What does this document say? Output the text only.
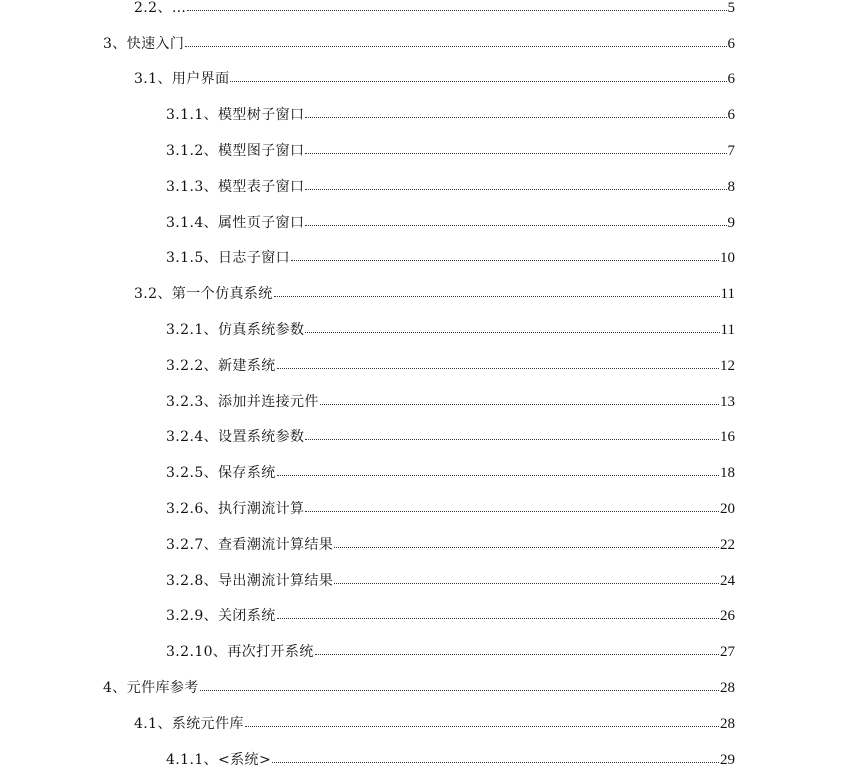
2.2、…	5
3、快速入门	6
3.1、用户界面	6
3.1.1、模型树子窗口	6
3.1.2、模型图子窗口	7
3.1.3、模型表子窗口	8
3.1.4、属性页子窗口	9
3.1.5、日志子窗口	10
3.2、第一个仿真系统	11
3.2.1、仿真系统参数	11
3.2.2、新建系统	12
3.2.3、添加并连接元件	13
3.2.4、设置系统参数	16
3.2.5、保存系统	18
3.2.6、执行潮流计算	20
3.2.7、查看潮流计算结果	22
3.2.8、导出潮流计算结果	24
3.2.9、关闭系统	26
3.2.10、再次打开系统	27
4、元件库参考	28
4.1、系统元件库	28
4.1.1、<系统>	29
